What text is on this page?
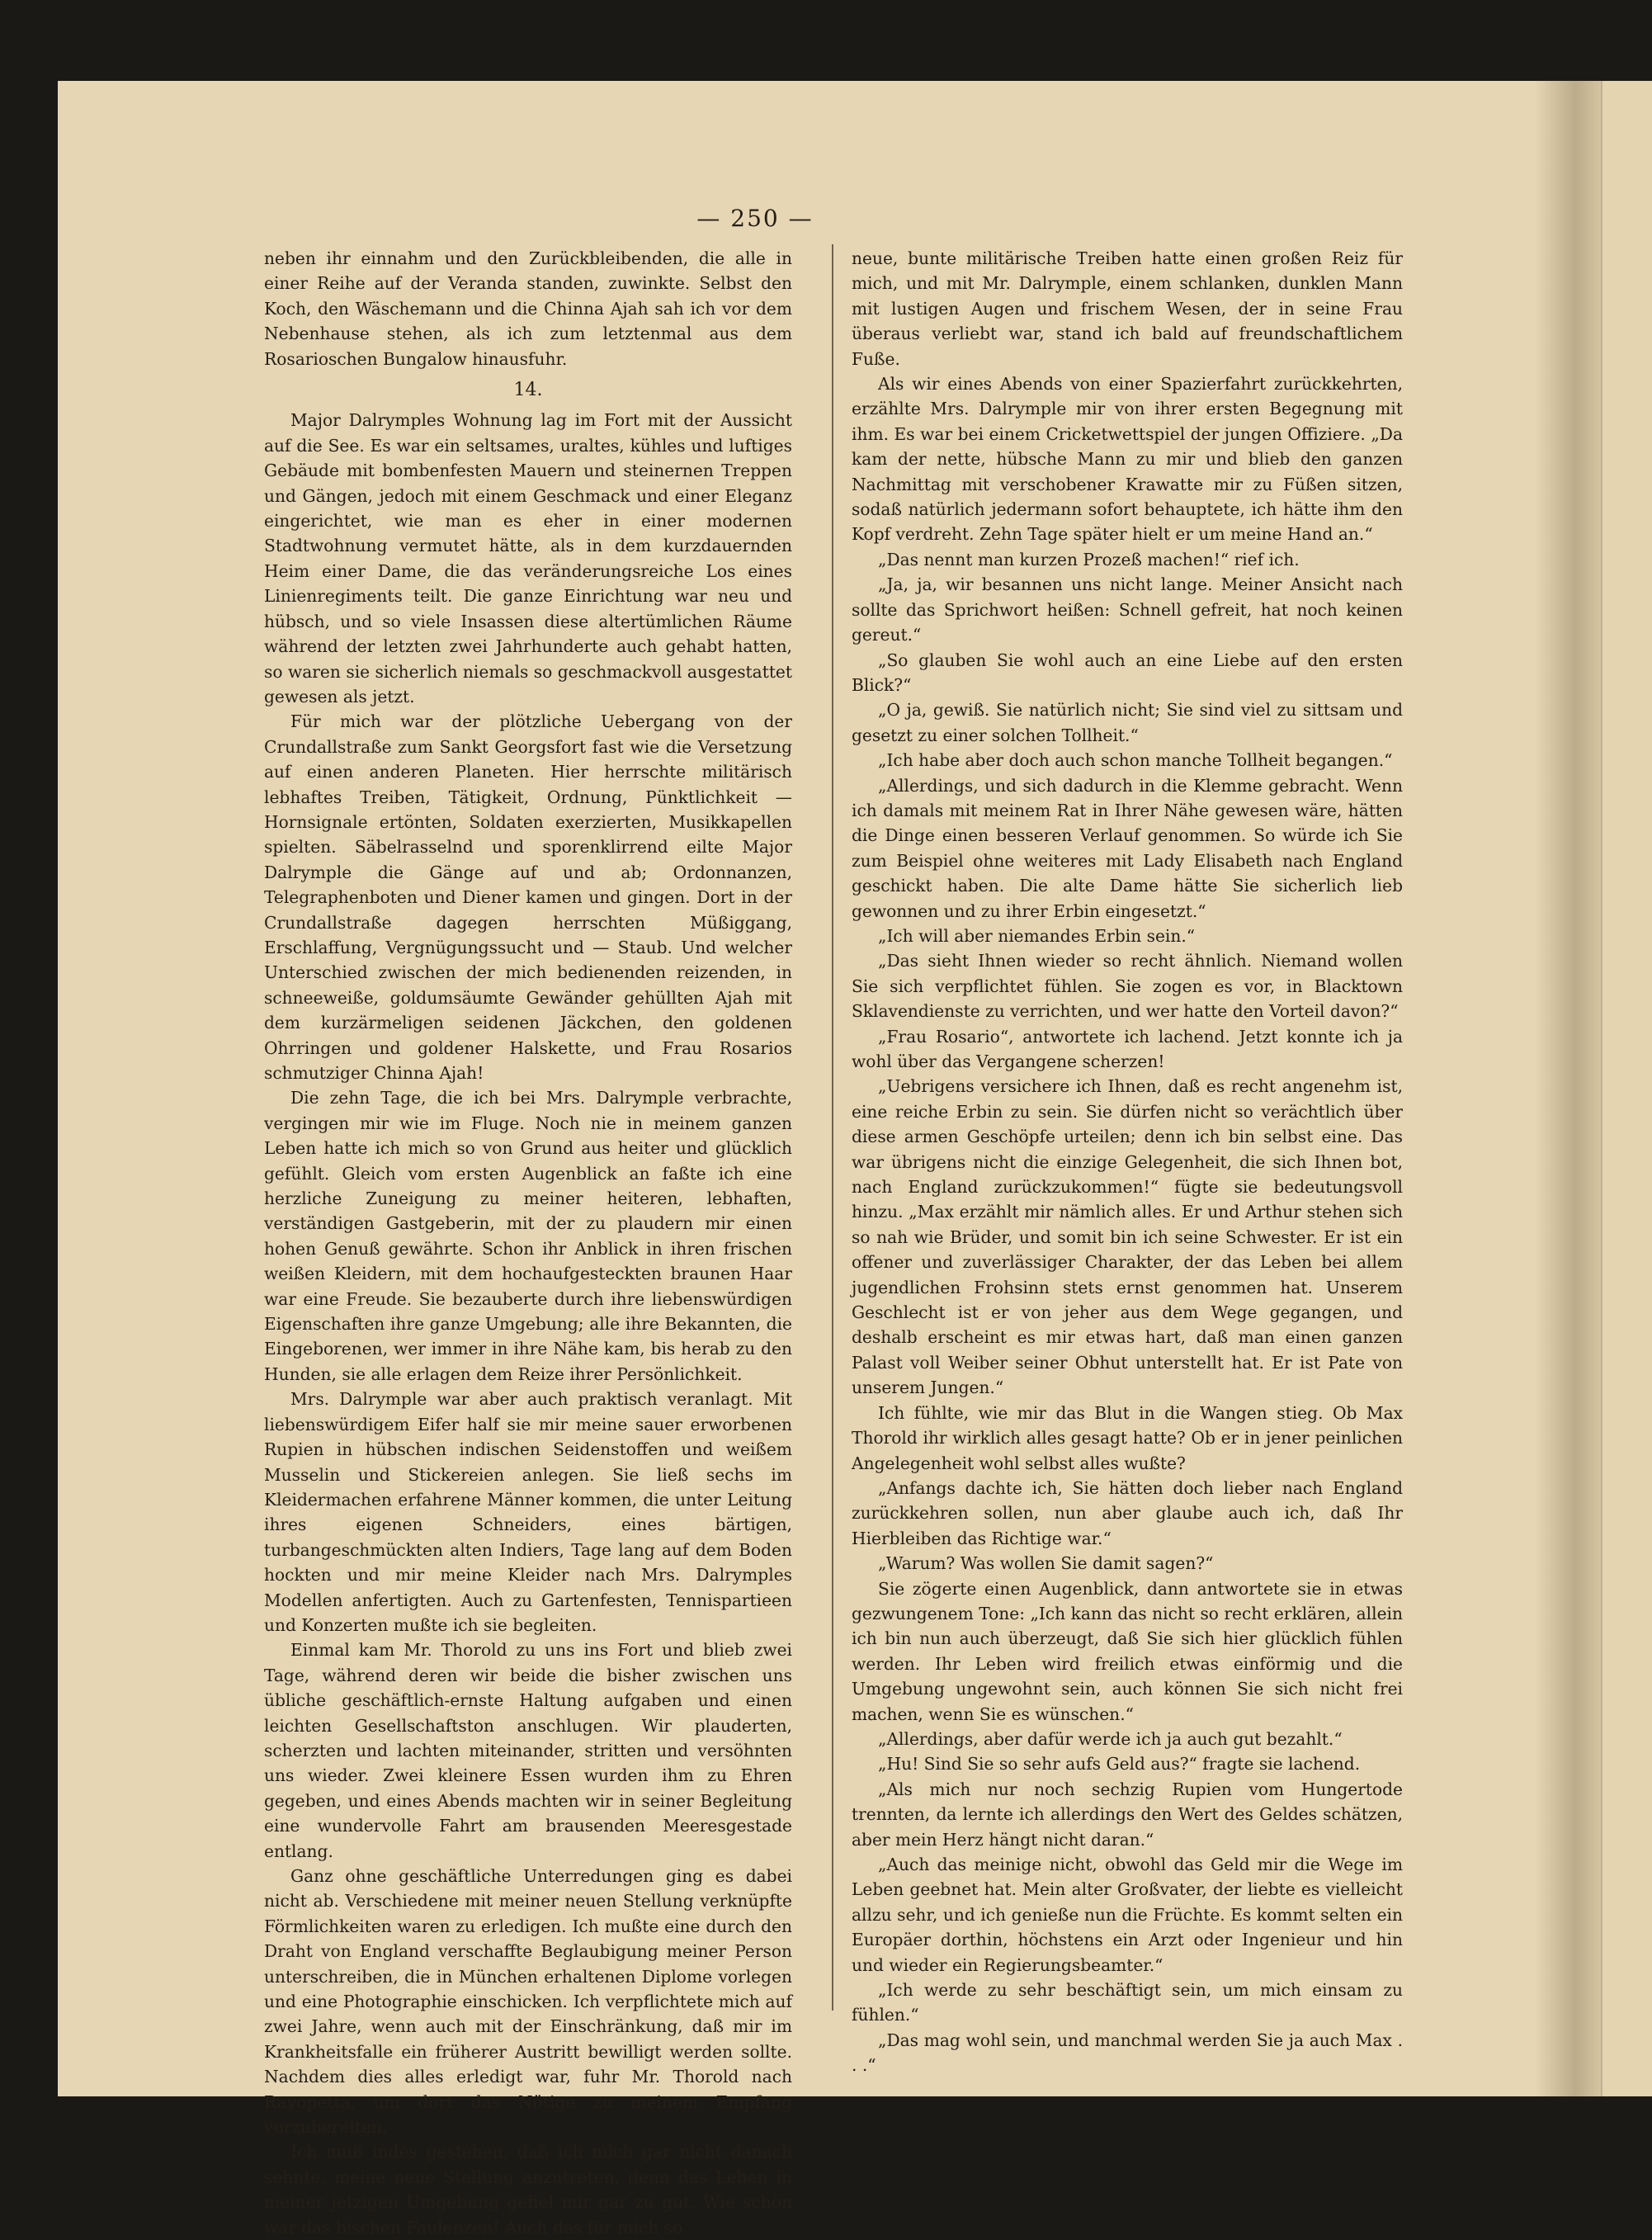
— 250 —

neben ihr einnahm und den Zurückbleibenden, die alle in einer Reihe auf der Veranda standen, zuwinkte. Selbst den Koch, den Wäschemann und die Chinna Ajah sah ich vor dem Nebenhause stehen, als ich zum letztenmal aus dem Rosarioschen Bungalow hinausfuhr.

14.

Major Dalrymples Wohnung lag im Fort mit der Aussicht auf die See. Es war ein seltsames, uraltes, kühles und luftiges Gebäude mit bombenfesten Mauern und steinernen Treppen und Gängen, jedoch mit einem Geschmack und einer Eleganz eingerichtet, wie man es eher in einer modernen Stadtwohnung vermutet hätte, als in dem kurzdauernden Heim einer Dame, die das veränderungsreiche Los eines Linienregiments teilt. Die ganze Einrichtung war neu und hübsch, und so viele Insassen diese altertümlichen Räume während der letzten zwei Jahrhunderte auch gehabt hatten, so waren sie sicherlich niemals so geschmackvoll ausgestattet gewesen als jetzt.

Für mich war der plötzliche Uebergang von der Crundallstraße zum Sankt Georgsfort fast wie die Versetzung auf einen anderen Planeten. Hier herrschte militärisch lebhaftes Treiben, Tätigkeit, Ordnung, Pünktlichkeit — Hornsignale ertönten, Soldaten exerzierten, Musikkapellen spielten. Säbelrasselnd und sporenklirrend eilte Major Dalrymple die Gänge auf und ab; Ordonnanzen, Telegraphenboten und Diener kamen und gingen. Dort in der Crundallstraße dagegen herrschten Müßiggang, Erschlaffung, Vergnügungssucht und — Staub. Und welcher Unterschied zwischen der mich bedienenden reizenden, in schneeweiße, goldumsäumte Gewänder gehüllten Ajah mit dem kurzärmeligen seidenen Jäckchen, den goldenen Ohrringen und goldener Halskette, und Frau Rosarios schmutziger Chinna Ajah!

Die zehn Tage, die ich bei Mrs. Dalrymple verbrachte, vergingen mir wie im Fluge. Noch nie in meinem ganzen Leben hatte ich mich so von Grund aus heiter und glücklich gefühlt. Gleich vom ersten Augenblick an faßte ich eine herzliche Zuneigung zu meiner heiteren, lebhaften, verständigen Gastgeberin, mit der zu plaudern mir einen hohen Genuß gewährte. Schon ihr Anblick in ihren frischen weißen Kleidern, mit dem hochaufgesteckten braunen Haar war eine Freude. Sie bezauberte durch ihre liebenswürdigen Eigenschaften ihre ganze Umgebung; alle ihre Bekannten, die Eingeborenen, wer immer in ihre Nähe kam, bis herab zu den Hunden, sie alle erlagen dem Reize ihrer Persönlichkeit.

Mrs. Dalrymple war aber auch praktisch veranlagt. Mit liebenswürdigem Eifer half sie mir meine sauer erworbenen Rupien in hübschen indischen Seidenstoffen und weißem Musselin und Stickereien anlegen. Sie ließ sechs im Kleidermachen erfahrene Männer kommen, die unter Leitung ihres eigenen Schneiders, eines bärtigen, turbangeschmückten alten Indiers, Tage lang auf dem Boden hockten und mir meine Kleider nach Mrs. Dalrymples Modellen anfertigten. Auch zu Gartenfesten, Tennispartieen und Konzerten mußte ich sie begleiten.

Einmal kam Mr. Thorold zu uns ins Fort und blieb zwei Tage, während deren wir beide die bisher zwischen uns übliche geschäftlich-ernste Haltung aufgaben und einen leichten Gesellschaftston anschlugen. Wir plauderten, scherzten und lachten miteinander, stritten und versöhnten uns wieder. Zwei kleinere Essen wurden ihm zu Ehren gegeben, und eines Abends machten wir in seiner Begleitung eine wundervolle Fahrt am brausenden Meeresgestade entlang.

Ganz ohne geschäftliche Unterredungen ging es dabei nicht ab. Verschiedene mit meiner neuen Stellung verknüpfte Förmlichkeiten waren zu erledigen. Ich mußte eine durch den Draht von England verschaffte Beglaubigung meiner Person unterschreiben, die in München erhaltenen Diplome vorlegen und eine Photographie einschicken. Ich verpflichtete mich auf zwei Jahre, wenn auch mit der Einschränkung, daß mir im Krankheitsfalle ein früherer Austritt bewilligt werden sollte. Nachdem dies alles erledigt war, fuhr Mr. Thorold nach Rayopetta, um dort das Nötige zu meinem Empfang vorzubereiten.

Ich muß indes gestehen, daß ich mich gar nicht danach sehnte, meine neue Stellung anzutreten, denn das Leben in meiner jetzigen Umgebung gefiel mir gar zu gut. Wie schön war das bischen Faulenzen! Auch das für mich so

neue, bunte militärische Treiben hatte einen großen Reiz für mich, und mit Mr. Dalrymple, einem schlanken, dunklen Mann mit lustigen Augen und frischem Wesen, der in seine Frau überaus verliebt war, stand ich bald auf freundschaftlichem Fuße.

Als wir eines Abends von einer Spazierfahrt zurückkehrten, erzählte Mrs. Dalrymple mir von ihrer ersten Begegnung mit ihm. Es war bei einem Cricketwettspiel der jungen Offiziere. „Da kam der nette, hübsche Mann zu mir und blieb den ganzen Nachmittag mit verschobener Krawatte mir zu Füßen sitzen, sodaß natürlich jedermann sofort behauptete, ich hätte ihm den Kopf verdreht. Zehn Tage später hielt er um meine Hand an.“

„Das nennt man kurzen Prozeß machen!“ rief ich.

„Ja, ja, wir besannen uns nicht lange. Meiner Ansicht nach sollte das Sprichwort heißen: Schnell gefreit, hat noch keinen gereut.“

„So glauben Sie wohl auch an eine Liebe auf den ersten Blick?“

„O ja, gewiß. Sie natürlich nicht; Sie sind viel zu sittsam und gesetzt zu einer solchen Tollheit.“

„Ich habe aber doch auch schon manche Tollheit begangen.“

„Allerdings, und sich dadurch in die Klemme gebracht. Wenn ich damals mit meinem Rat in Ihrer Nähe gewesen wäre, hätten die Dinge einen besseren Verlauf genommen. So würde ich Sie zum Beispiel ohne weiteres mit Lady Elisabeth nach England geschickt haben. Die alte Dame hätte Sie sicherlich lieb gewonnen und zu ihrer Erbin eingesetzt.“

„Ich will aber niemandes Erbin sein.“

„Das sieht Ihnen wieder so recht ähnlich. Niemand wollen Sie sich verpflichtet fühlen. Sie zogen es vor, in Blacktown Sklavendienste zu verrichten, und wer hatte den Vorteil davon?“

„Frau Rosario“, antwortete ich lachend. Jetzt konnte ich ja wohl über das Vergangene scherzen!

„Uebrigens versichere ich Ihnen, daß es recht angenehm ist, eine reiche Erbin zu sein. Sie dürfen nicht so verächtlich über diese armen Geschöpfe urteilen; denn ich bin selbst eine. Das war übrigens nicht die einzige Gelegenheit, die sich Ihnen bot, nach England zurückzukommen!“ fügte sie bedeutungsvoll hinzu. „Max erzählt mir nämlich alles. Er und Arthur stehen sich so nah wie Brüder, und somit bin ich seine Schwester. Er ist ein offener und zuverlässiger Charakter, der das Leben bei allem jugendlichen Frohsinn stets ernst genommen hat. Unserem Geschlecht ist er von jeher aus dem Wege gegangen, und deshalb erscheint es mir etwas hart, daß man einen ganzen Palast voll Weiber seiner Obhut unterstellt hat. Er ist Pate von unserem Jungen.“

Ich fühlte, wie mir das Blut in die Wangen stieg. Ob Max Thorold ihr wirklich alles gesagt hatte? Ob er in jener peinlichen Angelegenheit wohl selbst alles wußte?

„Anfangs dachte ich, Sie hätten doch lieber nach England zurückkehren sollen, nun aber glaube auch ich, daß Ihr Hierbleiben das Richtige war.“

„Warum? Was wollen Sie damit sagen?“

Sie zögerte einen Augenblick, dann antwortete sie in etwas gezwungenem Tone: „Ich kann das nicht so recht erklären, allein ich bin nun auch überzeugt, daß Sie sich hier glücklich fühlen werden. Ihr Leben wird freilich etwas einförmig und die Umgebung ungewohnt sein, auch können Sie sich nicht frei machen, wenn Sie es wünschen.“

„Allerdings, aber dafür werde ich ja auch gut bezahlt.“

„Hu! Sind Sie so sehr aufs Geld aus?“ fragte sie lachend.

„Als mich nur noch sechzig Rupien vom Hungertode trennten, da lernte ich allerdings den Wert des Geldes schätzen, aber mein Herz hängt nicht daran.“

„Auch das meinige nicht, obwohl das Geld mir die Wege im Leben geebnet hat. Mein alter Großvater, der liebte es vielleicht allzu sehr, und ich genieße nun die Früchte. Es kommt selten ein Europäer dorthin, höchstens ein Arzt oder Ingenieur und hin und wieder ein Regierungsbeamter.“

„Ich werde zu sehr beschäftigt sein, um mich einsam zu fühlen.“

„Das mag wohl sein, und manchmal werden Sie ja auch Max . . .“
